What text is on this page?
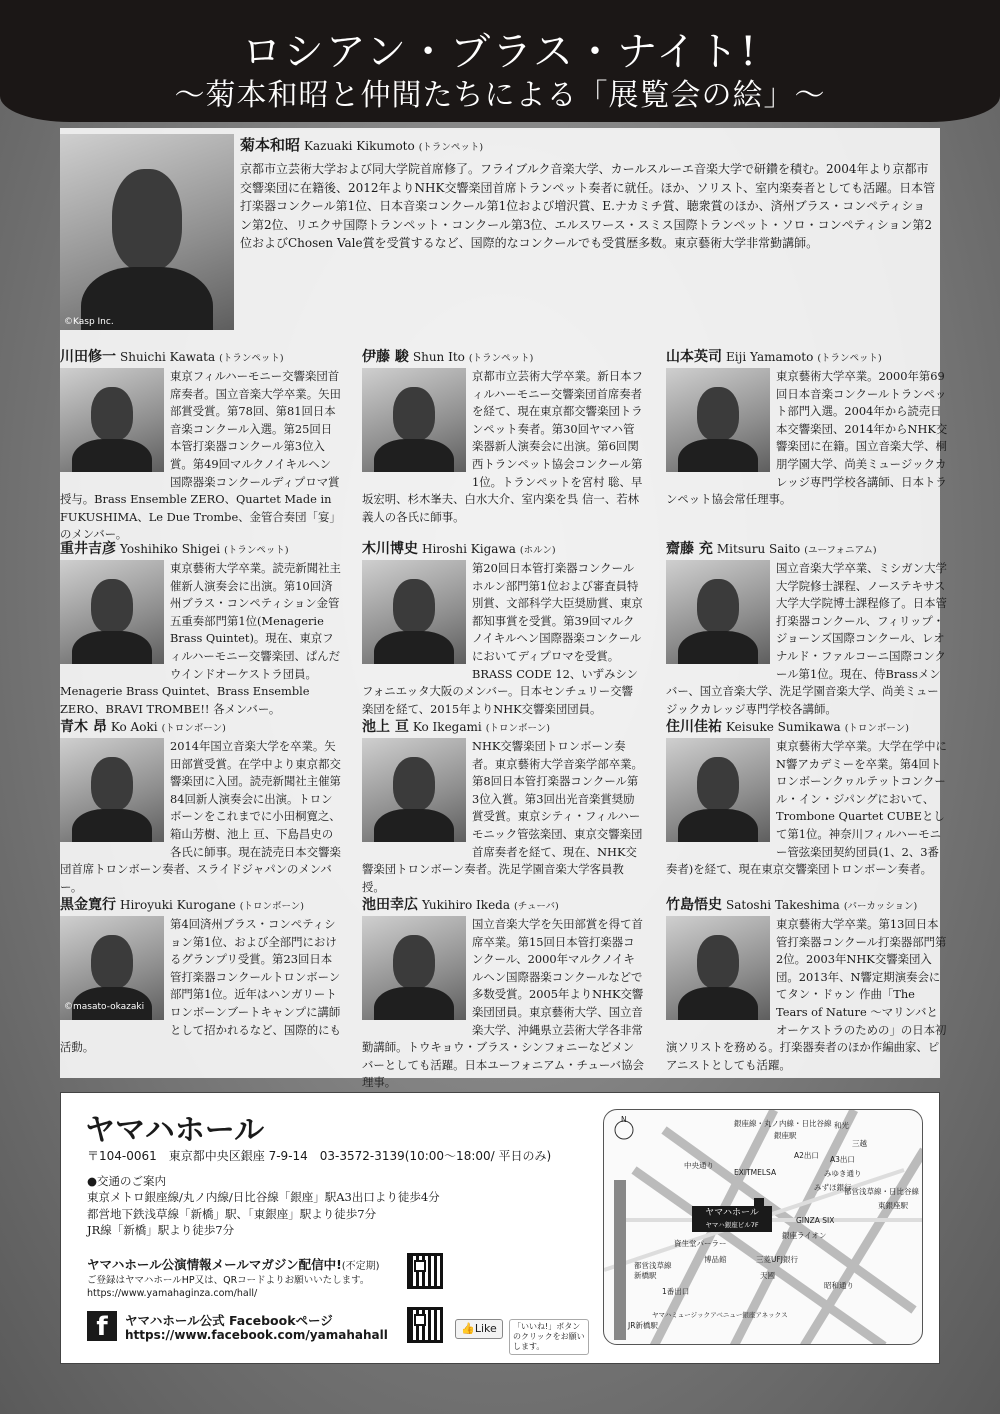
ロシアン・ブラス・ナイト!
〜菊本和昭と仲間たちによる「展覧会の絵」〜
©Kasp Inc.
菊本和昭 Kazuaki Kikumoto (トランペット)
京都市立芸術大学および同大学院首席修了。フライブルク音楽大学、カールスルーエ音楽大学で研鑽を積む。2004年より京都市交響楽団に在籍後、2012年よりNHK交響楽団首席トランペット奏者に就任。ほか、ソリスト、室内楽奏者としても活躍。日本管打楽器コンクール第1位、日本音楽コンクール第1位および増沢賞、E.ナカミチ賞、聴衆賞のほか、済州ブラス・コンペティション第2位、リエクサ国際トランペット・コンクール第3位、エルスワース・スミス国際トランペット・ソロ・コンペティション第2位およびChosen Vale賞を受賞するなど、国際的なコンクールでも受賞歴多数。東京藝術大学非常勤講師。
川田修一 Shuichi Kawata (トランペット)
東京フィルハーモニー交響楽団首席奏者。国立音楽大学卒業。矢田部賞受賞。第78回、第81回日本音楽コンクール入選。第25回日本管打楽器コンクール第3位入賞。第49回マルクノイキルヘン国際器楽コンクールディプロマ賞授与。Brass Ensemble ZERO、Quartet Made in FUKUSHIMA、Le Due Trombe、金管合奏団「宴」のメンバー。
伊藤 駿 Shun Ito (トランペット)
京都市立芸術大学卒業。新日本フィルハーモニー交響楽団首席奏者を経て、現在東京都交響楽団トランペット奏者。第30回ヤマハ管楽器新人演奏会に出演。第6回関西トランペット協会コンクール第1位。トランペットを宮村 聡、早坂宏明、杉木峯夫、白水大介、室内楽を呉 信一、若林義人の各氏に師事。
山本英司 Eiji Yamamoto (トランペット)
東京藝術大学卒業。2000年第69回日本音楽コンクールトランペット部門入選。2004年から読売日本交響楽団、2014年からNHK交響楽団に在籍。国立音楽大学、桐朋学園大学、尚美ミュージックカレッジ専門学校各講師、日本トランペット協会常任理事。
重井吉彦 Yoshihiko Shigei (トランペット)
東京藝術大学卒業。読売新聞社主催新人演奏会に出演。第10回済州ブラス・コンペティション金管五重奏部門第1位(Menagerie Brass Quintet)。現在、東京フィルハーモニー交響楽団、ぱんだウインドオーケストラ団員。Menagerie Brass Quintet、Brass Ensemble ZERO、BRAVI TROMBE!! 各メンバー。
木川博史 Hiroshi Kigawa (ホルン)
第20回日本管打楽器コンクールホルン部門第1位および審査員特別賞、文部科学大臣奨励賞、東京都知事賞を受賞。第39回マルクノイキルヘン国際器楽コンクールにおいてディプロマを受賞。BRASS CODE 12、いずみシンフォニエッタ大阪のメンバー。日本センチュリー交響楽団を経て、2015年よりNHK交響楽団団員。
齋藤 充 Mitsuru Saito (ユーフォニアム)
国立音楽大学卒業、ミシガン大学大学院修士課程、ノーステキサス大学大学院博士課程修了。日本管打楽器コンクール、フィリップ・ジョーンズ国際コンクール、レオナルド・ファルコーニ国際コンクール第1位。現在、侍Brassメンバー、国立音楽大学、洗足学園音楽大学、尚美ミュージックカレッジ専門学校各講師。
青木 昂 Ko Aoki (トロンボーン)
2014年国立音楽大学を卒業。矢田部賞受賞。在学中より東京都交響楽団に入団。読売新聞社主催第84回新人演奏会に出演。トロンボーンをこれまでに小田桐寛之、箱山芳樹、池上 亘、下島昌史の各氏に師事。現在読売日本交響楽団首席トロンボーン奏者、スライドジャパンのメンバー。
池上 亘 Ko Ikegami (トロンボーン)
NHK交響楽団トロンボーン奏者。東京藝術大学音楽学部卒業。第8回日本管打楽器コンクール第3位入賞。第3回出光音楽賞奨励賞受賞。東京シティ・フィルハーモニック管弦楽団、東京交響楽団首席奏者を経て、現在、NHK交響楽団トロンボーン奏者。洗足学園音楽大学客員教授。
住川佳祐 Keisuke Sumikawa (トロンボーン)
東京藝術大学卒業。大学在学中にN響アカデミーを卒業。第4回トロンボーンクヮルテットコンクール・イン・ジパングにおいて、Trombone Quartet CUBEとして第1位。神奈川フィルハーモニー管弦楽団契約団員(1、2、3番奏者)を経て、現在東京交響楽団トロンボーン奏者。
黒金寛行 Hiroyuki Kurogane (トロンボーン)
©masato-okazaki
第4回済州ブラス・コンペティション第1位、および全部門におけるグランプリ受賞。第23回日本管打楽器コンクールトロンボーン部門第1位。近年はハンガリートロンボーンブートキャンプに講師として招かれるなど、国際的にも活動。
池田幸広 Yukihiro Ikeda (チューバ)
国立音楽大学を矢田部賞を得て首席卒業。第15回日本管打楽器コンクール、2000年マルクノイキルヘン国際器楽コンクールなどで多数受賞。2005年よりNHK交響楽団団員。東京藝術大学、国立音楽大学、沖縄県立芸術大学各非常勤講師。トウキョウ・ブラス・シンフォニーなどメンバーとしても活躍。日本ユーフォニアム・チューバ協会理事。
竹島悟史 Satoshi Takeshima (パーカッション)
東京藝術大学卒業。第13回日本管打楽器コンクール打楽器部門第2位。2003年NHK交響楽団入団。2013年、N響定期演奏会にてタン・ドゥン 作曲「The Tears of Nature 〜マリンバとオーケストラのための」の日本初演ソリストを務める。打楽器奏者のほか作編曲家、ピアニストとしても活躍。
ヤマハホール
〒104-0061　東京都中央区銀座 7-9-14　03-3572-3139(10:00〜18:00/ 平日のみ)
●交通のご案内
東京メトロ銀座線/丸ノ内線/日比谷線「銀座」駅A3出口より徒歩4分
都営地下鉄浅草線「新橋」駅、「東銀座」駅より徒歩7分
JR線「新橋」駅より徒歩7分
ヤマハホール公演情報メールマガジン配信中!(不定期)
ご登録はヤマハホールHP又は、QRコードよりお願いいたします。
https://www.yamahaginza.com/hall/
f	ヤマハホール公式 Facebookページ
https://www.facebook.com/yamahahall	👍Like	「いいね!」ボタンのクリックをお願いします。
N	銀座線・丸ノ内線・日比谷線
銀座駅
和光
三越
A2出口 A3出口
EXITMELSA
みずほ銀行
GINZA SIX
銀座ライオン
東銀座駅
都営浅草線・日比谷線
資生堂パーラー
博品館	三菱UFJ銀行
天國
都営浅草線
新橋駅
1番出口
JR新橋駅
中央通り
昭和通り
みゆき通り
ヤマハミュージックアベニュー銀座アネックス
ヤマハホール
ヤマハ銀座ビル7F
